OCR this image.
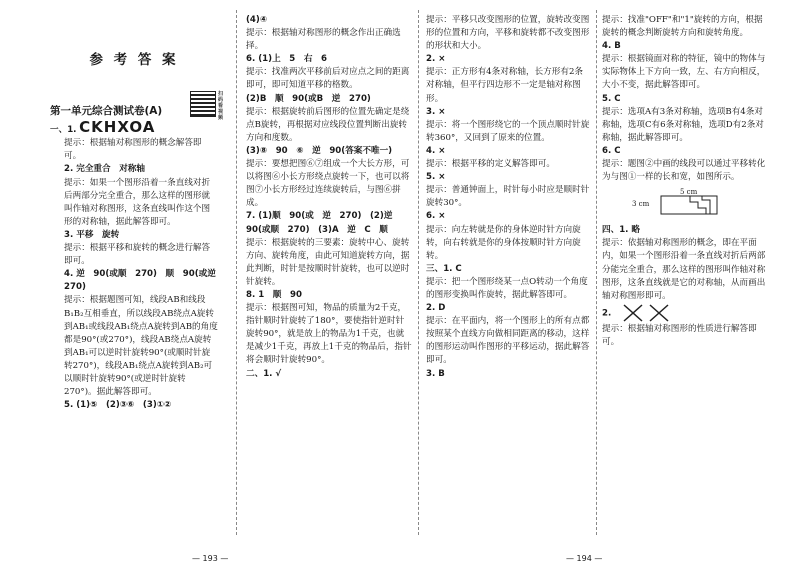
参 考 答 案
第一单元综合测试卷(A)
扫码看视频
一、1. CKHXOA
提示：根据轴对称图形的概念解答即可。
2. 完全重合　对称轴
提示：如果一个图形沿着一条直线对折后两部分完全重合，那么这样的图形就叫作轴对称图形，这条直线叫作这个图形的对称轴，据此解答即可。
3. 平移　旋转
提示：根据平移和旋转的概念进行解答即可。
4. 逆　90(或顺　270)　顺　90(或逆 270)
提示：根据题图可知，线段AB和线段B₁B₂互相垂直，所以线段AB绕点A旋转到AB₁或线段AB₁绕点A旋转到AB的角度都是90°(或270°)，线段AB绕点A旋转到AB₁可以逆时针旋转90°(或顺时针旋转270°)，线段AB₁绕点A旋转到AB₂可以顺时针旋转90°(或逆时针旋转270°)。据此解答即可。
5. (1)⑤　(2)③⑥　(3)①②
(4)④
提示：根据轴对称图形的概念作出正确选择。
6. (1)上　5　右　6
提示：找准两次平移前后对应点之间的距离即可，即可知道平移的格数。
(2)B　顺　90(或B　逆　270)
提示：根据旋转前后图形的位置先确定是绕点B旋转，再根据对应线段位置判断出旋转方向和度数。
(3)⑧　90　⑥　逆　90(答案不唯一)
提示：要想把图⑥⑦组成一个大长方形，可以将图⑥小长方形绕点旋转一下，也可以将图⑦小长方形经过连续旋转后，与图⑥拼成。
7. (1)顺　90(或　逆　270)　(2)逆　90(或顺　270)　(3)A　逆　C　顺
提示：根据旋转的三要素：旋转中心、旋转方向、旋转角度，由此可知道旋转方向，据此判断，时针是按顺时针旋转，也可以逆时针旋转。
8. 1　顺　90
提示：根据图可知，物品的质量为2千克，指针顺时针旋转了180°，要使指针逆时针旋转90°，就是放上的物品为1千克，也就是减少1千克，再放上1千克的物品后，指针将会顺时针旋转90°。
二、1. √
提示：平移只改变图形的位置，旋转改变图形的位置和方向，平移和旋转都不改变图形的形状和大小。
2. ×
提示：正方形有4条对称轴，长方形有2条对称轴，但平行四边形不一定是轴对称图形。
3. ×
提示：将一个图形绕它的一个顶点顺时针旋转360°，又回到了原来的位置。
4. ×
提示：根据平移的定义解答即可。
5. ×
提示：普通钟面上，时针每小时应是顺时针旋转30°。
6. ×
提示：向左转就是你的身体逆时针方向旋转，向右转就是你的身体按顺时针方向旋转。
三、1. C
提示：把一个图形绕某一点O转动一个角度的图形变换叫作旋转，据此解答即可。
2. D
提示：在平面内，将一个图形上的所有点都按照某个直线方向做相同距离的移动，这样的图形运动叫作图形的平移运动，据此解答即可。
3. B
提示：找准"OFF"和"1"旋转的方向，根据旋转的概念判断旋转方向和旋转角度。
4. B
提示：根据镜面对称的特征，镜中的物体与实际物体上下方向一致，左、右方向相反，大小不变，据此解答即可。
5. C
提示：选项A有3条对称轴，选项B有4条对称轴，选项C有6条对称轴，选项D有2条对称轴，据此解答即可。
6. C
提示：题图②中画的线段可以通过平移转化为与图①一样的长和宽，如图所示。
5 cm
3 cm
四、1. 略
提示：依据轴对称图形的概念，即在平面内，如果一个图形沿着一条直线对折后两部分能完全重合，那么这样的图形叫作轴对称图形，这条直线就是它的对称轴，从而画出轴对称图形即可。
2.
提示：根据轴对称图形的性质进行解答即可。
— 193 —	— 194 —
